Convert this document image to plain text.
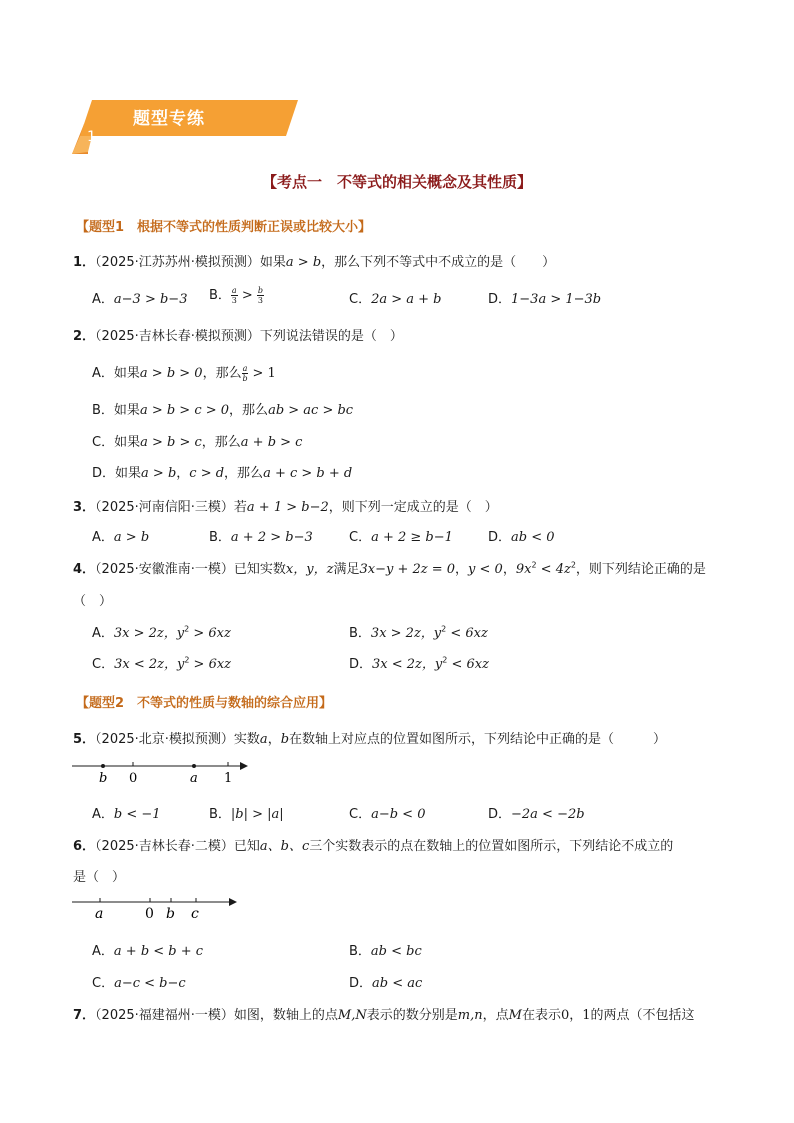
题型专练
1
【考点一　不等式的相关概念及其性质】
【题型1　根据不等式的性质判断正误或比较大小】
1．（2025·江苏苏州·模拟预测）如果a > b，那么下列不等式中不成立的是（　　）
A．a−3 > b−3 B． $\frac{a}{3} > \frac{b}{3}$	C．2a > a + b	D．1−3a > 1−3b
2．（2025·吉林长春·模拟预测）下列说法错误的是（　）
A．如果a > b > 0，那么 $\frac{a}{b} > 1$
B．如果a > b > c > 0，那么ab > ac > bc
C．如果a > b > c，那么a + b > c
D．如果a > b，c > d，那么a + c > b + d
3．（2025·河南信阳·三模）若a + 1 > b−2，则下列一定成立的是（　）
A．a > b	B．a + 2 > b−3	C．a + 2 ≥ b−1	D．ab < 0
4．（2025·安徽淮南·一模）已知实数x，y，z满足3x−y + 2z = 0，y < 0，$9x^2 < 4z^2$，则下列结论正确的是
（　）
A．3x > 2z，$y^2 > 6xz$	B．3x > 2z，$y^2 < 6xz$
C．3x < 2z，$y^2 > 6xz$	D．3x < 2z，$y^2 < 6xz$
【题型2　不等式的性质与数轴的综合应用】
5．（2025·北京·模拟预测）实数a，b在数轴上对应点的位置如图所示，下列结论中正确的是（　　　）
b 0	a 1
A．b < −1	B．|b| > |a|	C．a−b < 0	D．−2a < −2b
6．（2025·吉林长春·二模）已知a、b、c三个实数表示的点在数轴上的位置如图所示，下列结论不成立的
是（　）
a	0 b c
A．a + b < b + c	B．ab < bc
C．a−c < b−c	D．ab < ac
7．（2025·福建福州·一模）如图，数轴上的点M,N表示的数分别是m,n，点M在表示0，1的两点（不包括这
